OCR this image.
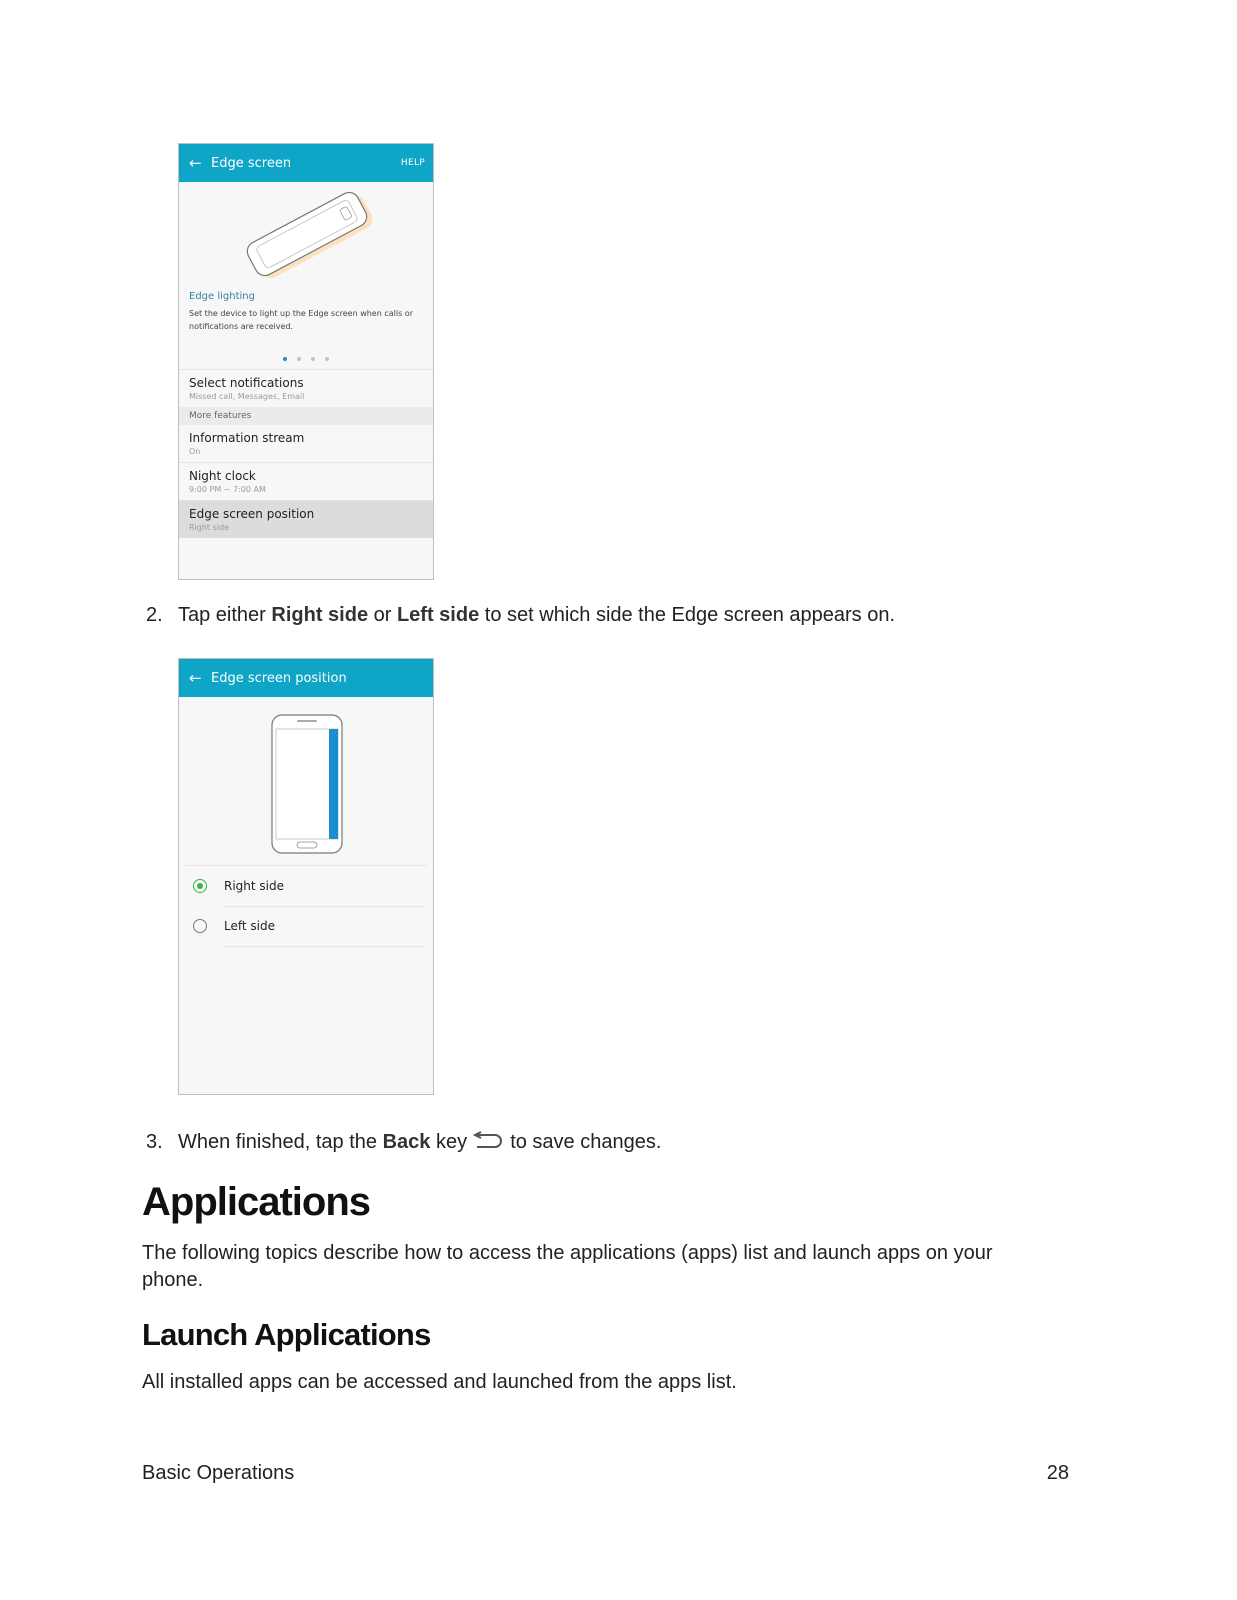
← Edge screen	HELP
Edge lighting
Set the device to light up the Edge screen when calls or notifications are received.
Select notifications
Missed call, Messages, Email
More features
Information stream
On
Night clock
9:00 PM ~ 7:00 AM
Edge screen position
Right side
2. Tap either Right side or Left side to set which side the Edge screen appears on.
← Edge screen position
Right side
Left side
3. When finished, tap the Back key  to save changes.
Applications
The following topics describe how to access the applications (apps) list and launch apps on your phone.
Launch Applications
All installed apps can be accessed and launched from the apps list.
Basic Operations	28
